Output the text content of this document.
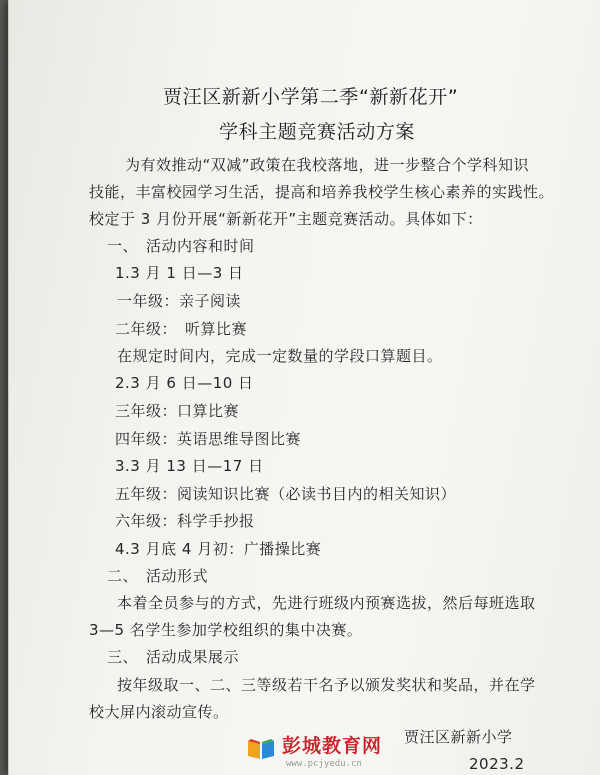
贾汪区新新小学第二季“新新花开”
学科主题竞赛活动方案
为有效推动“双减”政策在我校落地，进一步整合个学科知识
技能，丰富校园学习生活，提高和培养我校学生核心素养的实践性。
校定于 3 月份开展“新新花开”主题竞赛活动。具体如下：
一、　活动内容和时间
1.3 月 1 日—3 日
一年级：亲子阅读
二年级：　听算比赛
在规定时间内，完成一定数量的学段口算题目。
2.3 月 6 日—10 日
三年级：口算比赛
四年级：英语思维导图比赛
3.3 月 13 日—17 日
五年级：阅读知识比赛（必读书目内的相关知识）
六年级：科学手抄报
4.3 月底 4 月初：广播操比赛
二、　活动形式
本着全员参与的方式，先进行班级内预赛选拔，然后每班选取
3—5 名学生参加学校组织的集中决赛。
三、　活动成果展示
按年级取一、二、三等级若干名予以颁发奖状和奖品，并在学
校大屏内滚动宣传。
贾汪区新新小学
2023.2
彭城教育网
www.pcjyedu.cn
